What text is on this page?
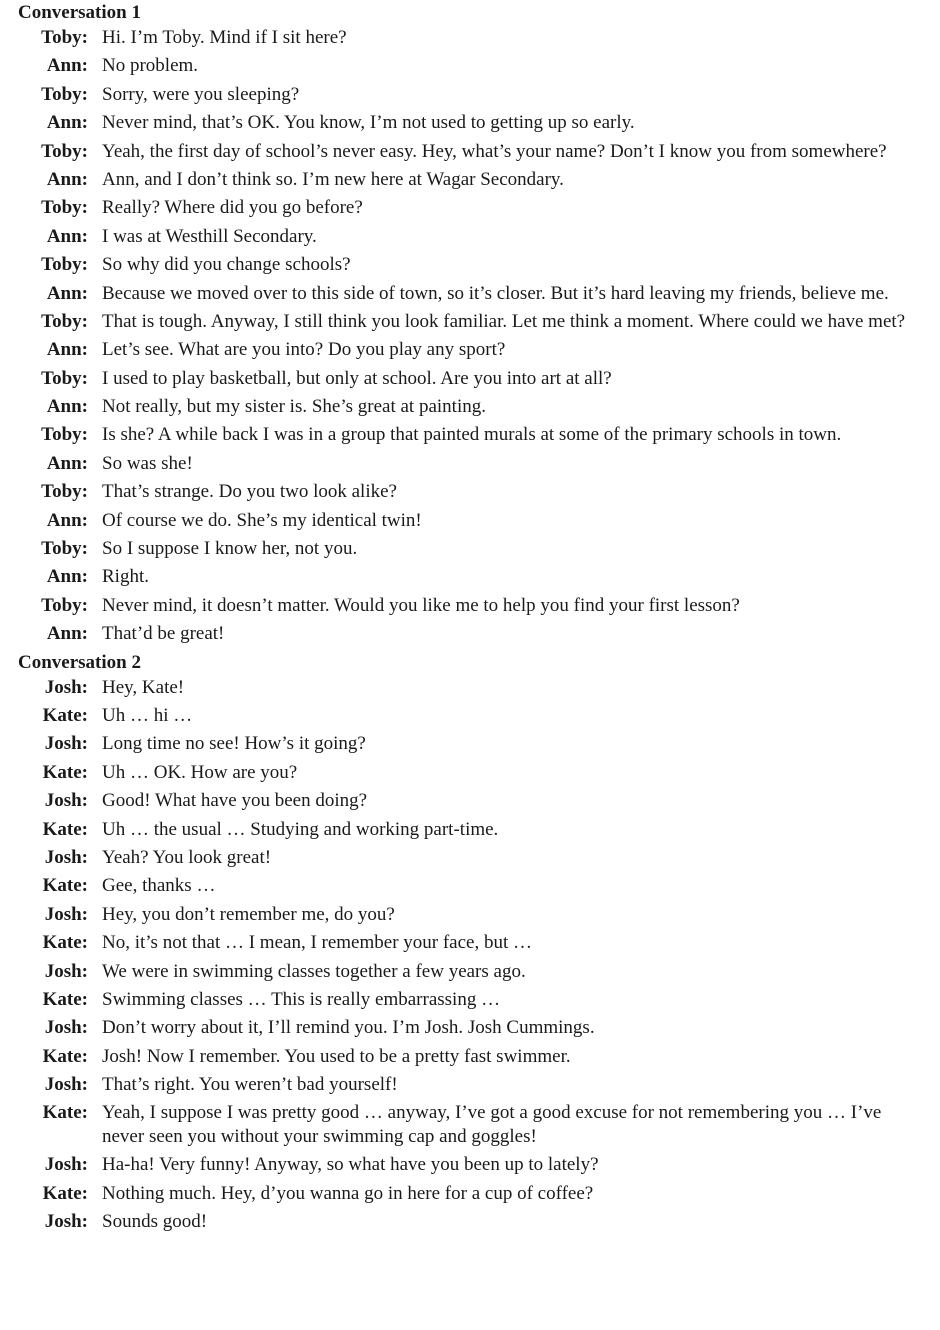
Conversation 1
Toby: Hi. I’m Toby. Mind if I sit here?
Ann: No problem.
Toby: Sorry, were you sleeping?
Ann: Never mind, that’s OK. You know, I’m not used to getting up so early.
Toby: Yeah, the first day of school’s never easy. Hey, what’s your name? Don’t I know you from somewhere?
Ann: Ann, and I don’t think so. I’m new here at Wagar Secondary.
Toby: Really? Where did you go before?
Ann: I was at Westhill Secondary.
Toby: So why did you change schools?
Ann: Because we moved over to this side of town, so it’s closer. But it’s hard leaving my friends, believe me.
Toby: That is tough. Anyway, I still think you look familiar. Let me think a moment. Where could we have met?
Ann: Let’s see. What are you into? Do you play any sport?
Toby: I used to play basketball, but only at school. Are you into art at all?
Ann: Not really, but my sister is. She’s great at painting.
Toby: Is she? A while back I was in a group that painted murals at some of the primary schools in town.
Ann: So was she!
Toby: That’s strange. Do you two look alike?
Ann: Of course we do. She’s my identical twin!
Toby: So I suppose I know her, not you.
Ann: Right.
Toby: Never mind, it doesn’t matter. Would you like me to help you find your first lesson?
Ann: That’d be great!
Conversation 2
Josh: Hey, Kate!
Kate: Uh … hi …
Josh: Long time no see! How’s it going?
Kate: Uh … OK. How are you?
Josh: Good! What have you been doing?
Kate: Uh … the usual … Studying and working part-time.
Josh: Yeah? You look great!
Kate: Gee, thanks …
Josh: Hey, you don’t remember me, do you?
Kate: No, it’s not that … I mean, I remember your face, but …
Josh: We were in swimming classes together a few years ago.
Kate: Swimming classes … This is really embarrassing …
Josh: Don’t worry about it, I’ll remind you. I’m Josh. Josh Cummings.
Kate: Josh! Now I remember. You used to be a pretty fast swimmer.
Josh: That’s right. You weren’t bad yourself!
Kate: Yeah, I suppose I was pretty good … anyway, I’ve got a good excuse for not remembering you … I’ve never seen you without your swimming cap and goggles!
Josh: Ha-ha! Very funny! Anyway, so what have you been up to lately?
Kate: Nothing much. Hey, d’you wanna go in here for a cup of coffee?
Josh: Sounds good!
